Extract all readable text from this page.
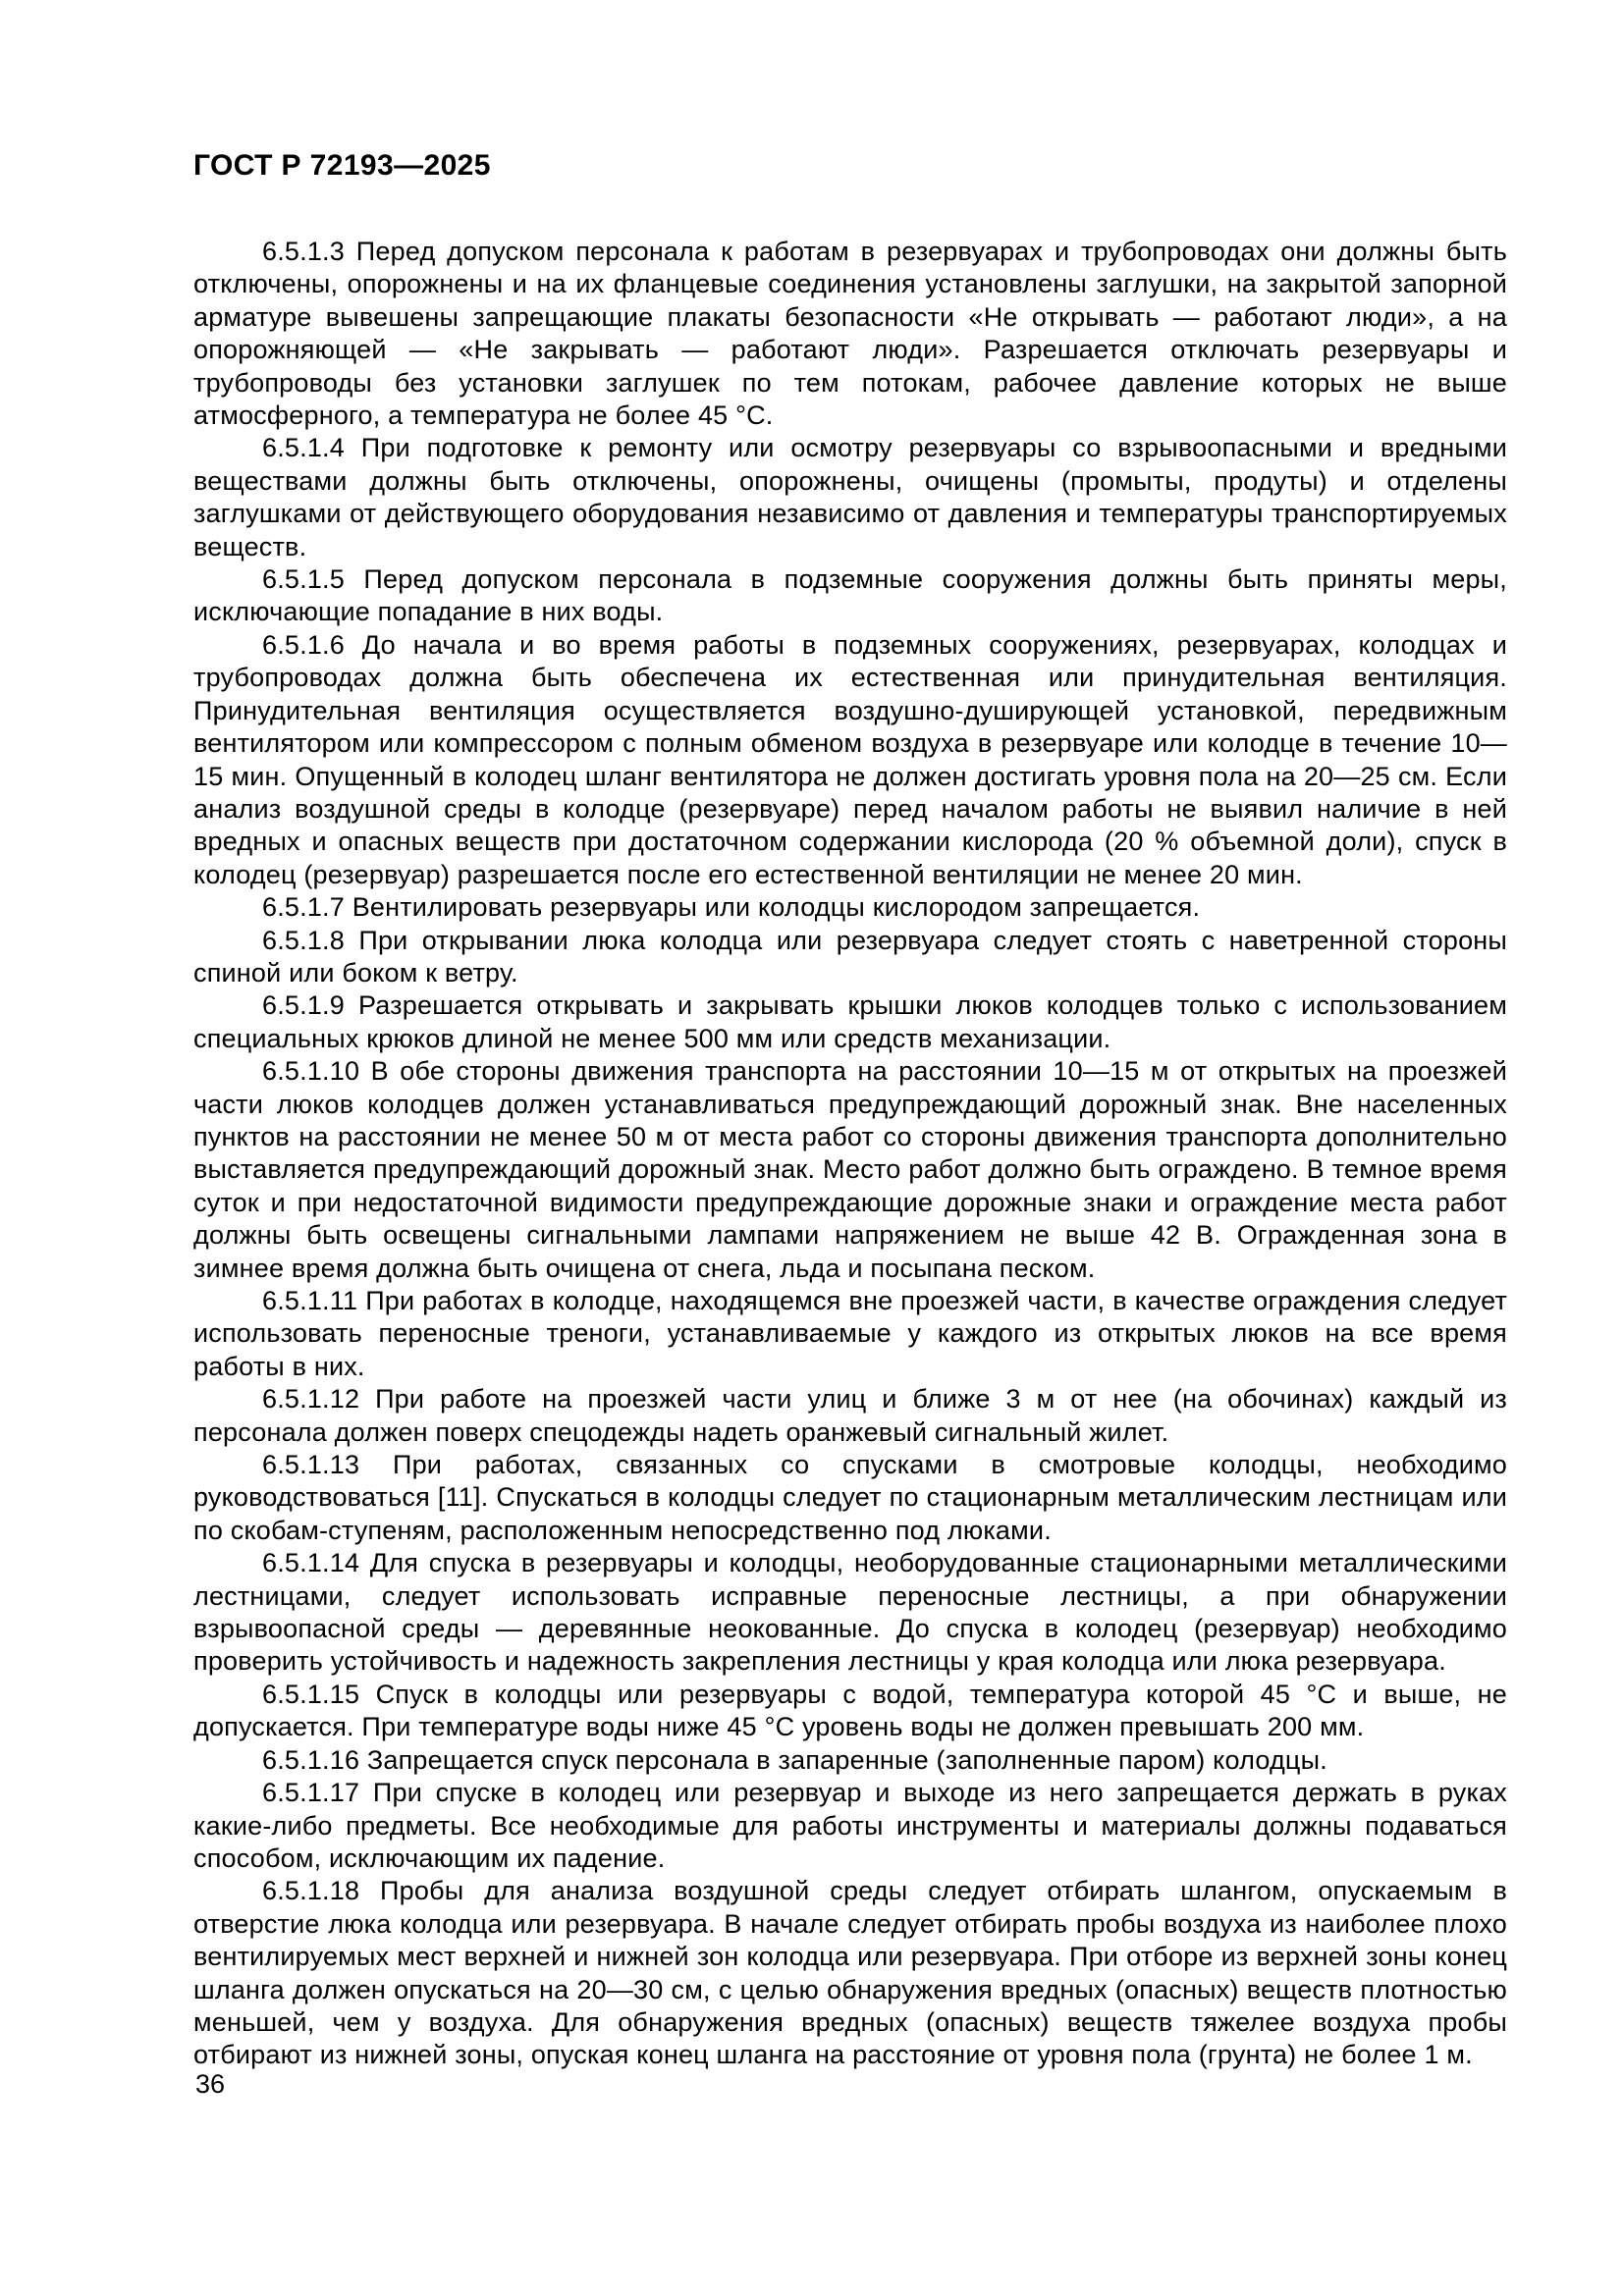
ГОСТ Р 72193—2025

6.5.1.3 Перед допуском персонала к работам в резервуарах и трубопроводах они должны быть отключены, опорожнены и на их фланцевые соединения установлены заглушки, на закрытой запорной арматуре вывешены запрещающие плакаты безопасности «Не открывать — работают люди», а на опорожняющей — «Не закрывать — работают люди». Разрешается отключать резервуары и трубопроводы без установки заглушек по тем потокам, рабочее давление которых не выше атмосферного, а температура не более 45 °С.

6.5.1.4 При подготовке к ремонту или осмотру резервуары со взрывоопасными и вредными веществами должны быть отключены, опорожнены, очищены (промыты, продуты) и отделены заглушками от действующего оборудования независимо от давления и температуры транспортируемых веществ.

6.5.1.5 Перед допуском персонала в подземные сооружения должны быть приняты меры, исключающие попадание в них воды.

6.5.1.6 До начала и во время работы в подземных сооружениях, резервуарах, колодцах и трубопроводах должна быть обеспечена их естественная или принудительная вентиляция. Принудительная вентиляция осуществляется воздушно-душирующей установкой, передвижным вентилятором или компрессором с полным обменом воздуха в резервуаре или колодце в течение 10—15 мин. Опущенный в колодец шланг вентилятора не должен достигать уровня пола на 20—25 см. Если анализ воздушной среды в колодце (резервуаре) перед началом работы не выявил наличие в ней вредных и опасных веществ при достаточном содержании кислорода (20 % объемной доли), спуск в колодец (резервуар) разрешается после его естественной вентиляции не менее 20 мин.

6.5.1.7 Вентилировать резервуары или колодцы кислородом запрещается.

6.5.1.8 При открывании люка колодца или резервуара следует стоять с наветренной стороны спиной или боком к ветру.

6.5.1.9 Разрешается открывать и закрывать крышки люков колодцев только с использованием специальных крюков длиной не менее 500 мм или средств механизации.

6.5.1.10 В обе стороны движения транспорта на расстоянии 10—15 м от открытых на проезжей части люков колодцев должен устанавливаться предупреждающий дорожный знак. Вне населенных пунктов на расстоянии не менее 50 м от места работ со стороны движения транспорта дополнительно выставляется предупреждающий дорожный знак. Место работ должно быть ограждено. В темное время суток и при недостаточной видимости предупреждающие дорожные знаки и ограждение места работ должны быть освещены сигнальными лампами напряжением не выше 42 В. Огражденная зона в зимнее время должна быть очищена от снега, льда и посыпана песком.

6.5.1.11 При работах в колодце, находящемся вне проезжей части, в качестве ограждения следует использовать переносные треноги, устанавливаемые у каждого из открытых люков на все время работы в них.

6.5.1.12 При работе на проезжей части улиц и ближе 3 м от нее (на обочинах) каждый из персонала должен поверх спецодежды надеть оранжевый сигнальный жилет.

6.5.1.13 При работах, связанных со спусками в смотровые колодцы, необходимо руководствоваться [11]. Спускаться в колодцы следует по стационарным металлическим лестницам или по скобам-ступеням, расположенным непосредственно под люками.

6.5.1.14 Для спуска в резервуары и колодцы, необорудованные стационарными металлическими лестницами, следует использовать исправные переносные лестницы, а при обнаружении взрывоопасной среды — деревянные неокованные. До спуска в колодец (резервуар) необходимо проверить устойчивость и надежность закрепления лестницы у края колодца или люка резервуара.

6.5.1.15 Спуск в колодцы или резервуары с водой, температура которой 45 °С и выше, не допускается. При температуре воды ниже 45 °С уровень воды не должен превышать 200 мм.

6.5.1.16 Запрещается спуск персонала в запаренные (заполненные паром) колодцы.

6.5.1.17 При спуске в колодец или резервуар и выходе из него запрещается держать в руках какие-либо предметы. Все необходимые для работы инструменты и материалы должны подаваться способом, исключающим их падение.

6.5.1.18 Пробы для анализа воздушной среды следует отбирать шлангом, опускаемым в отверстие люка колодца или резервуара. В начале следует отбирать пробы воздуха из наиболее плохо вентилируемых мест верхней и нижней зон колодца или резервуара. При отборе из верхней зоны конец шланга должен опускаться на 20—30 см, с целью обнаружения вредных (опасных) веществ плотностью меньшей, чем у воздуха. Для обнаружения вредных (опасных) веществ тяжелее воздуха пробы отбирают из нижней зоны, опуская конец шланга на расстояние от уровня пола (грунта) не более 1 м.

36
